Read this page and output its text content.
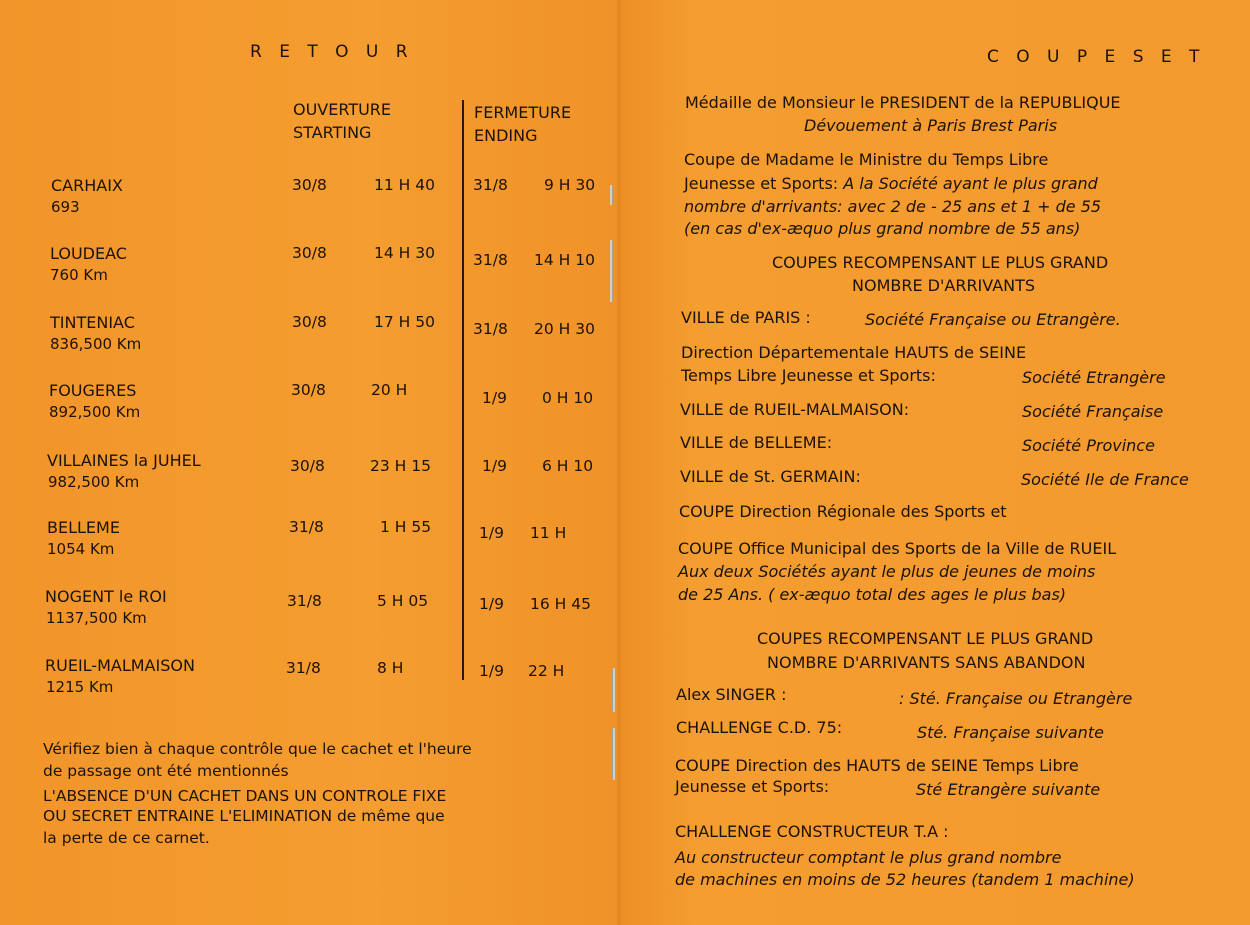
R E T O U R
OUVERTURE
STARTING
FERMETURE
ENDING
CARHAIX
693
30/8	11 H 40 31/8 9 H 30
LOUDEAC
760 Km
30/8	14 H 30 31/8 14 H 10
TINTENIAC
836,500 Km
30/8	17 H 50 31/8 20 H 30
FOUGERES
892,500 Km
30/8	20 H	1/9 0 H 10
VILLAINES la JUHEL
982,500 Km
30/8	23 H 15	1/9 6 H 10
BELLEME
1054 Km
31/8	1 H 55	1/9 11 H
NOGENT le ROI
1137,500 Km
31/8	5 H 05	1/9 16 H 45
RUEIL-MALMAISON
1215 Km
31/8	8 H	1/9 22 H
Vérifiez bien à chaque contrôle que le cachet et l'heure
de passage ont été mentionnés
L'ABSENCE D'UN CACHET DANS UN CONTROLE FIXE
OU SECRET ENTRAINE L'ELIMINATION de même que
la perte de ce carnet.
C O U P E S E T
Médaille de Monsieur le PRESIDENT de la REPUBLIQUE
Dévouement à Paris Brest Paris
Coupe de Madame le Ministre du Temps Libre
Jeunesse et Sports: A la Société ayant le plus grand
nombre d'arrivants: avec 2 de - 25 ans et 1 + de 55
(en cas d'ex-æquo plus grand nombre de 55 ans)
COUPES RECOMPENSANT LE PLUS GRAND
NOMBRE D'ARRIVANTS
VILLE de PARIS :	Société Française ou Etrangère.
Direction Départementale HAUTS de SEINE
Temps Libre Jeunesse et Sports:	Société Etrangère
VILLE de RUEIL-MALMAISON:	Société Française
VILLE de BELLEME:	Société Province
VILLE de St. GERMAIN:	Société Ile de France
COUPE Direction Régionale des Sports et
COUPE Office Municipal des Sports de la Ville de RUEIL
Aux deux Sociétés ayant le plus de jeunes de moins
de 25 Ans. ( ex-æquo total des ages le plus bas)
COUPES RECOMPENSANT LE PLUS GRAND
NOMBRE D'ARRIVANTS SANS ABANDON
Alex SINGER :	: Sté. Française ou Etrangère
CHALLENGE C.D. 75:	Sté. Française suivante
COUPE Direction des HAUTS de SEINE Temps Libre
Jeunesse et Sports:	Sté Etrangère suivante
CHALLENGE CONSTRUCTEUR T.A :
Au constructeur comptant le plus grand nombre
de machines en moins de 52 heures (tandem 1 machine)
